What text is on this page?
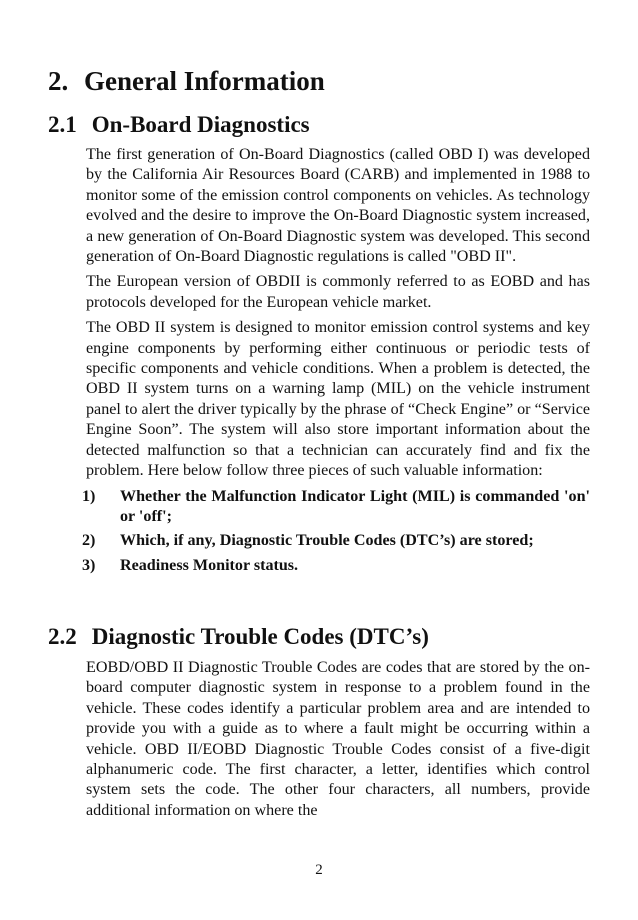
2. General Information
2.1 On-Board Diagnostics

The first generation of On-Board Diagnostics (called OBD I) was developed by the California Air Resources Board (CARB) and implemented in 1988 to monitor some of the emission control components on vehicles. As technology evolved and the desire to improve the On-Board Diagnostic system increased, a new generation of On-Board Diagnostic system was developed. This second generation of On-Board Diagnostic regulations is called "OBD II".

The European version of OBDII is commonly referred to as EOBD and has protocols developed for the European vehicle market.

The OBD II system is designed to monitor emission control systems and key engine components by performing either continuous or periodic tests of specific components and vehicle conditions. When a problem is detected, the OBD II system turns on a warning lamp (MIL) on the vehicle instrument panel to alert the driver typically by the phrase of “Check Engine” or “Service Engine Soon”. The system will also store important information about the detected malfunction so that a technician can accurately find and fix the problem. Here below follow three pieces of such valuable information:

1) Whether the Malfunction Indicator Light (MIL) is commanded 'on' or 'off';
2) Which, if any, Diagnostic Trouble Codes (DTC’s) are stored;
3) Readiness Monitor status.
2.2 Diagnostic Trouble Codes (DTC’s)

EOBD/OBD II Diagnostic Trouble Codes are codes that are stored by the on-board computer diagnostic system in response to a problem found in the vehicle. These codes identify a particular problem area and are intended to provide you with a guide as to where a fault might be occurring within a vehicle. OBD II/EOBD Diagnostic Trouble Codes consist of a five-digit alphanumeric code. The first character, a letter, identifies which control system sets the code. The other four characters, all numbers, provide additional information on where the

2
